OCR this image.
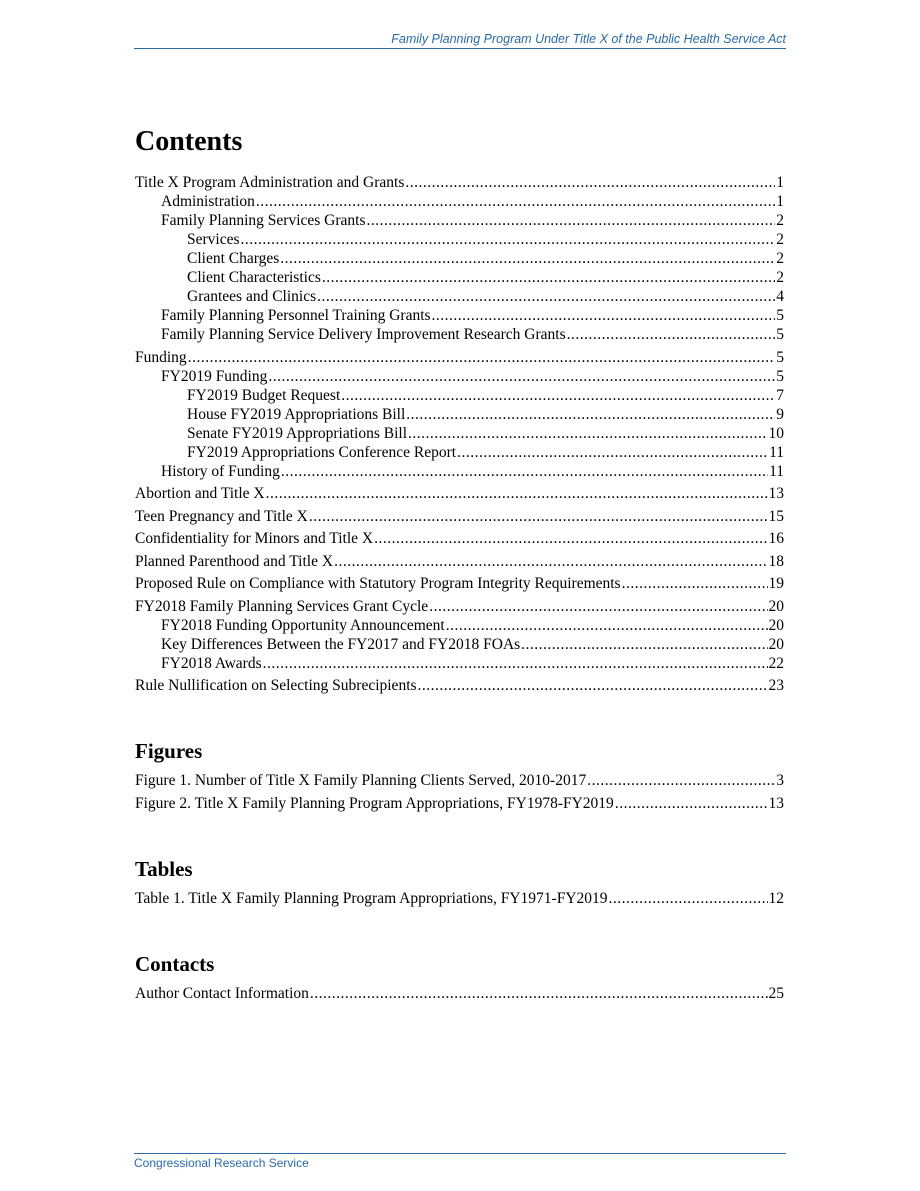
Family Planning Program Under Title X of the Public Health Service Act
Contents
Title X Program Administration and Grants .....	1
Administration .....	1
Family Planning Services Grants .....	2
Services .....	2
Client Charges .....	2
Client Characteristics .....	2
Grantees and Clinics .....	4
Family Planning Personnel Training Grants .....	5
Family Planning Service Delivery Improvement Research Grants .....	5
Funding .....	5
FY2019 Funding .....	5
FY2019 Budget Request .....	7
House FY2019 Appropriations Bill .....	9
Senate FY2019 Appropriations Bill .....	10
FY2019 Appropriations Conference Report .....	11
History of Funding .....	11
Abortion and Title X .....	13
Teen Pregnancy and Title X .....	15
Confidentiality for Minors and Title X .....	16
Planned Parenthood and Title X .....	18
Proposed Rule on Compliance with Statutory Program Integrity Requirements .....	19
FY2018 Family Planning Services Grant Cycle .....	20
FY2018 Funding Opportunity Announcement .....	20
Key Differences Between the FY2017 and FY2018 FOAs .....	20
FY2018 Awards .....	22
Rule Nullification on Selecting Subrecipients .....	23
Figures
Figure 1. Number of Title X Family Planning Clients Served, 2010-2017 .....	3
Figure 2. Title X Family Planning Program Appropriations, FY1978-FY2019 .....	13
Tables
Table 1. Title X Family Planning Program Appropriations, FY1971-FY2019 .....	12
Contacts
Author Contact Information .....	25
Congressional Research Service
